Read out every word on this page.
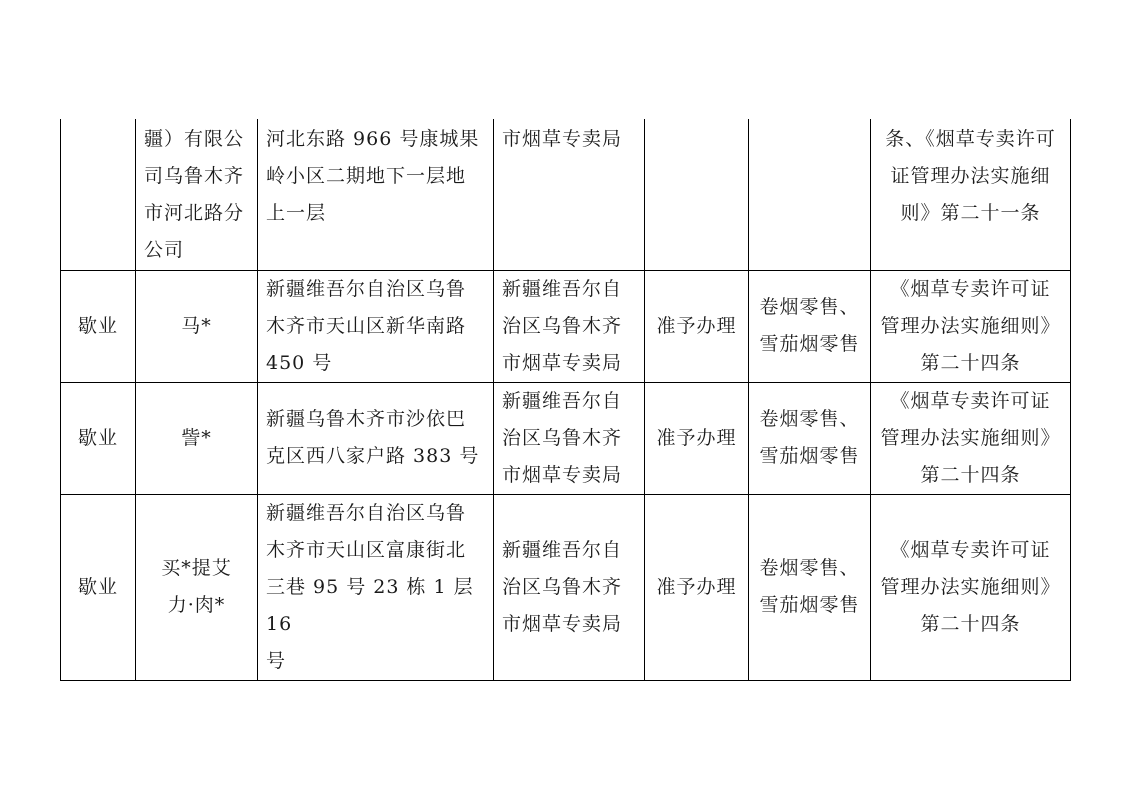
	疆）有限公
司乌鲁木齐
市河北路分
公司	河北东路 966 号康城果
岭小区二期地下一层地
上一层	市烟草专卖局			条、《烟草专卖许可
证管理办法实施细
则》第二十一条

歇业	马*	新疆维吾尔自治区乌鲁
木齐市天山区新华南路
450 号	新疆维吾尔自
治区乌鲁木齐
市烟草专卖局	准予办理	卷烟零售、
雪茄烟零售	《烟草专卖许可证
管理办法实施细则》
第二十四条

歇业	訾*	新疆乌鲁木齐市沙依巴
克区西八家户路 383 号	新疆维吾尔自
治区乌鲁木齐
市烟草专卖局	准予办理	卷烟零售、
雪茄烟零售	《烟草专卖许可证
管理办法实施细则》
第二十四条

歇业	买*提艾
力·肉*	新疆维吾尔自治区乌鲁
木齐市天山区富康街北
三巷 95 号 23 栋 1 层 16
号	新疆维吾尔自
治区乌鲁木齐
市烟草专卖局	准予办理	卷烟零售、
雪茄烟零售	《烟草专卖许可证
管理办法实施细则》
第二十四条
